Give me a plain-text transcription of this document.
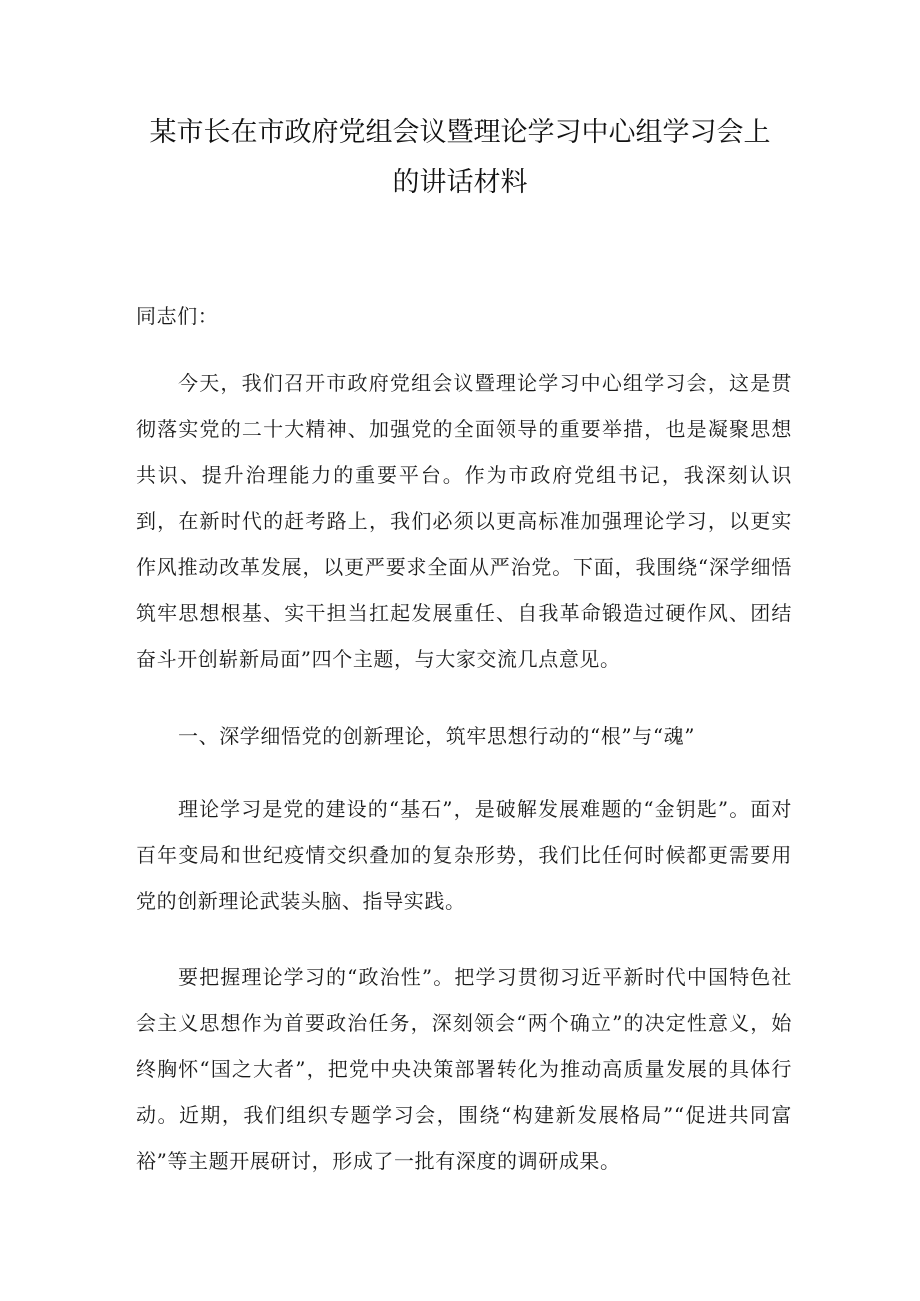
某市长在市政府党组会议暨理论学习中心组学习会上
的讲话材料

同志们：

今天，我们召开市政府党组会议暨理论学习中心组学习会，这是贯彻落实党的二十大精神、加强党的全面领导的重要举措，也是凝聚思想共识、提升治理能力的重要平台。作为市政府党组书记，我深刻认识到，在新时代的赶考路上，我们必须以更高标准加强理论学习，以更实作风推动改革发展，以更严要求全面从严治党。下面，我围绕“深学细悟筑牢思想根基、实干担当扛起发展重任、自我革命锻造过硬作风、团结奋斗开创崭新局面”四个主题，与大家交流几点意见。

一、深学细悟党的创新理论，筑牢思想行动的“根”与“魂”

理论学习是党的建设的“基石”，是破解发展难题的“金钥匙”。面对百年变局和世纪疫情交织叠加的复杂形势，我们比任何时候都更需要用党的创新理论武装头脑、指导实践。

要把握理论学习的“政治性”。把学习贯彻习近平新时代中国特色社会主义思想作为首要政治任务，深刻领会“两个确立”的决定性意义，始终胸怀“国之大者”，把党中央决策部署转化为推动高质量发展的具体行动。近期，我们组织专题学习会，围绕“构建新发展格局”“促进共同富裕”等主题开展研讨，形成了一批有深度的调研成果。
